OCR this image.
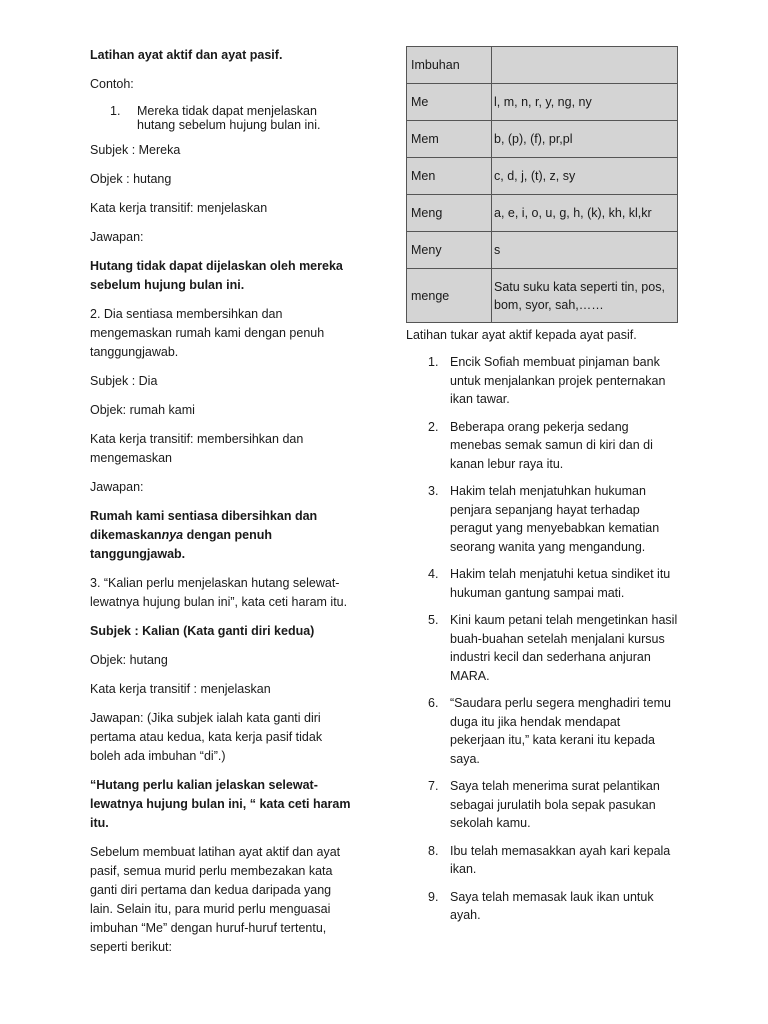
Latihan ayat aktif dan ayat pasif.

Contoh:

1.	Mereka tidak dapat menjelaskan hutang sebelum hujung bulan ini.

Subjek : Mereka

Objek : hutang

Kata kerja transitif: menjelaskan

Jawapan:

Hutang tidak dapat dijelaskan oleh mereka sebelum hujung bulan ini.

2. Dia sentiasa membersihkan dan mengemaskan rumah kami dengan penuh tanggungjawab.

Subjek : Dia

Objek: rumah kami

Kata kerja transitif: membersihkan dan mengemaskan

Jawapan:

Rumah kami sentiasa dibersihkan dan dikemaskannya dengan penuh tanggungjawab.

3. “Kalian perlu menjelaskan hutang selewat-lewatnya hujung bulan ini”, kata ceti haram itu.

Subjek : Kalian (Kata ganti diri kedua)

Objek: hutang

Kata kerja transitif : menjelaskan

Jawapan: (Jika subjek ialah kata ganti diri pertama atau kedua, kata kerja pasif tidak boleh ada imbuhan “di”.)

“Hutang perlu kalian jelaskan selewat-lewatnya hujung bulan ini, “ kata ceti haram itu.

Sebelum membuat latihan ayat aktif dan ayat pasif, semua murid perlu membezakan kata ganti diri pertama dan kedua daripada yang lain. Selain itu, para murid perlu menguasai imbuhan “Me” dengan huruf-huruf tertentu, seperti berikut:

Imbuhan	
Me	l, m, n, r, y, ng, ny
Mem	b, (p), (f), pr,pl
Men	c, d, j, (t), z, sy
Meng	a, e, i, o, u, g, h, (k), kh, kl,kr
Meny	s
menge	Satu suku kata seperti tin, pos, bom, syor, sah,……

Latihan tukar ayat aktif kepada ayat pasif.

1. Encik Sofiah membuat pinjaman bank untuk menjalankan projek penternakan ikan tawar.
2. Beberapa orang pekerja sedang menebas semak samun di kiri dan di kanan lebur raya itu.
3. Hakim telah menjatuhkan hukuman penjara sepanjang hayat terhadap peragut yang menyebabkan kematian seorang wanita yang mengandung.
4. Hakim telah menjatuhi ketua sindiket itu hukuman gantung sampai mati.
5. Kini kaum petani telah mengetinkan hasil buah-buahan setelah menjalani kursus industri kecil dan sederhana anjuran MARA.
6. “Saudara perlu segera menghadiri temu duga itu jika hendak mendapat pekerjaan itu,” kata kerani itu kepada saya.
7. Saya telah menerima surat pelantikan sebagai jurulatih bola sepak pasukan sekolah kamu.
8. Ibu telah memasakkan ayah kari kepala ikan.
9. Saya telah memasak lauk ikan untuk ayah.
